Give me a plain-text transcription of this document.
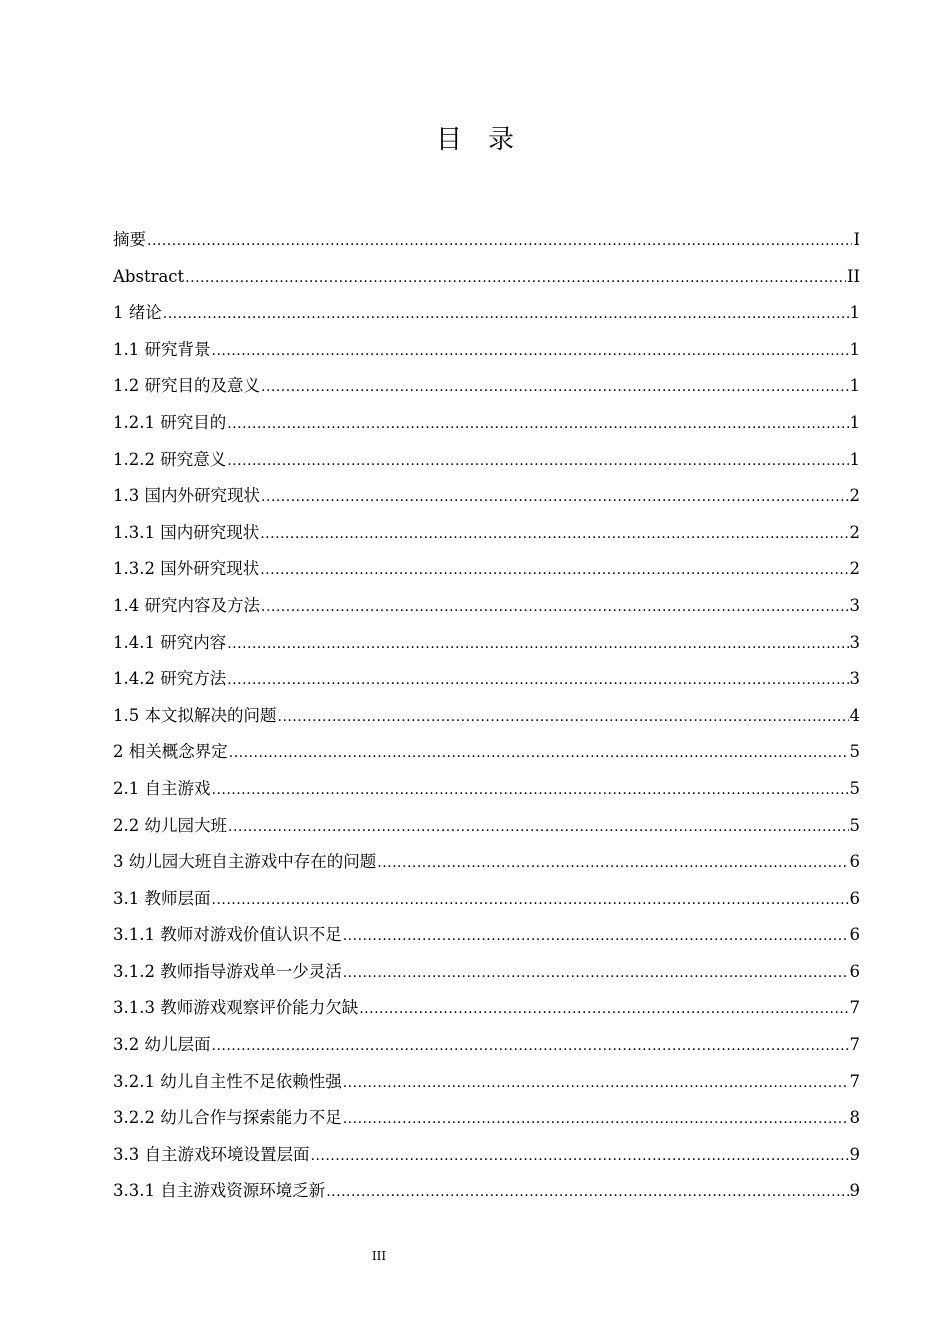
目　录
摘要 .....	I
Abstract .....	II
1 绪论 .....	1
1.1 研究背景 .....	1
1.2 研究目的及意义 .....	1
1.2.1 研究目的 .....	1
1.2.2 研究意义 .....	1
1.3 国内外研究现状 .....	2
1.3.1 国内研究现状 .....	2
1.3.2 国外研究现状 .....	2
1.4 研究内容及方法 .....	3
1.4.1 研究内容 .....	3
1.4.2 研究方法 .....	3
1.5 本文拟解决的问题 .....	4
2 相关概念界定 .....	5
2.1 自主游戏 .....	5
2.2 幼儿园大班 .....	5
3 幼儿园大班自主游戏中存在的问题 .....	6
3.1 教师层面 .....	6
3.1.1 教师对游戏价值认识不足 .....	6
3.1.2 教师指导游戏单一少灵活 .....	6
3.1.3 教师游戏观察评价能力欠缺 .....	7
3.2 幼儿层面 .....	7
3.2.1 幼儿自主性不足依赖性强 .....	7
3.2.2 幼儿合作与探索能力不足 .....	8
3.3 自主游戏环境设置层面 .....	9
3.3.1 自主游戏资源环境乏新 .....	9
III
